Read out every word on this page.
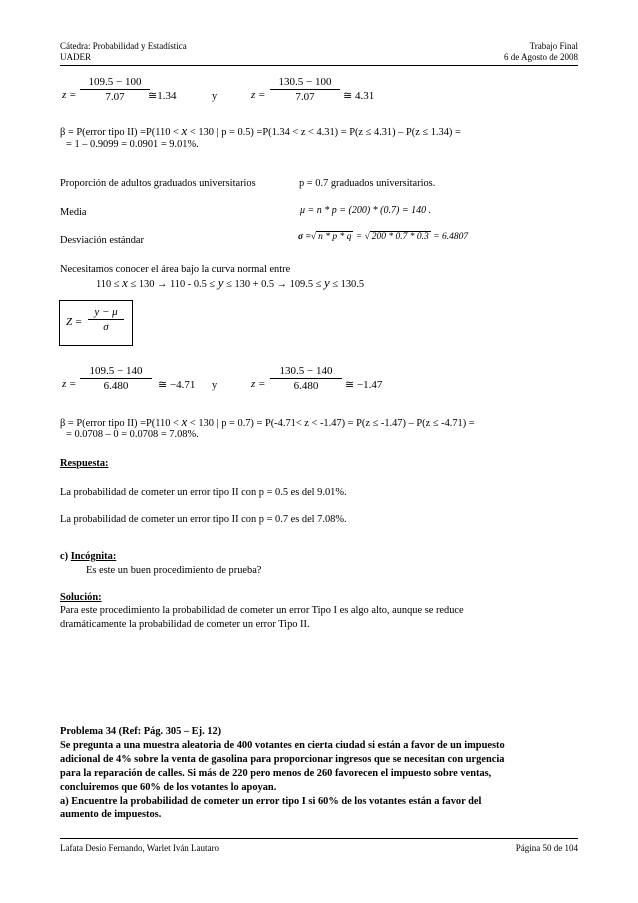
Cátedra: Probabilidad y Estadística
UADER
Trabajo Final
6 de Agosto de 2008
$z = \frac{109.5 - 100}{7.07}$
≅1.34	y	$z = \frac{130.5 - 100}{7.07}$ ≅ 4.31
β = P(error tipo II) =P(110 < x < 130 | p = 0.5) =P(1.34 < z < 4.31) = P(z ≤ 4.31) – P(z ≤ 1.34) =
= 1 – 0.9099 = 0.0901 = 9.01%.
Proporción de adultos graduados universitarios	p = 0.7 graduados universitarios.
Media	μ = n * p = (200) * (0.7) = 140 .
Desviación estándar	σ =√ n * p * q = √ 200 * 0.7 * 0.3 = 6.4807
Necesitamos conocer el área bajo la curva normal entre
110 ≤ x ≤ 130 → 110 - 0.5 ≤ y ≤ 130 + 0.5 → 109.5 ≤ y ≤ 130.5
$Z = \frac{y - \mu}{\sigma}$
$z = \frac{109.5 - 140}{6.480}$ ≅ −4.71 y	$z = \frac{130.5 - 140}{6.480}$ ≅ −1.47
β = P(error tipo II) =P(110 < x < 130 | p = 0.7) = P(-4.71< z < -1.47) = P(z ≤ -1.47) – P(z ≤ -4.71) =
= 0.0708 – 0 = 0.0708 = 7.08%.
Respuesta:
La probabilidad de cometer un error tipo II con p = 0.5 es del 9.01%.
La probabilidad de cometer un error tipo II con p = 0.7 es del 7.08%.
c) Incógnita:
Es este un buen procedimiento de prueba?
Solución:
Para este procedimiento la probabilidad de cometer un error Tipo I es algo alto, aunque se reduce
dramáticamente la probabilidad de cometer un error Tipo II.
Problema 34 (Ref: Pág. 305 – Ej. 12)
Se pregunta a una muestra aleatoria de 400 votantes en cierta ciudad si están a favor de un impuesto
adicional de 4% sobre la venta de gasolina para proporcionar ingresos que se necesitan con urgencia
para la reparación de calles. Si más de 220 pero menos de 260 favorecen el impuesto sobre ventas,
concluiremos que 60% de los votantes lo apoyan.
a) Encuentre la probabilidad de cometer un error tipo I si 60% de los votantes están a favor del
aumento de impuestos.
Lafata Desio Fernando, Warlet Iván Lautaro	Página 50 de 104
